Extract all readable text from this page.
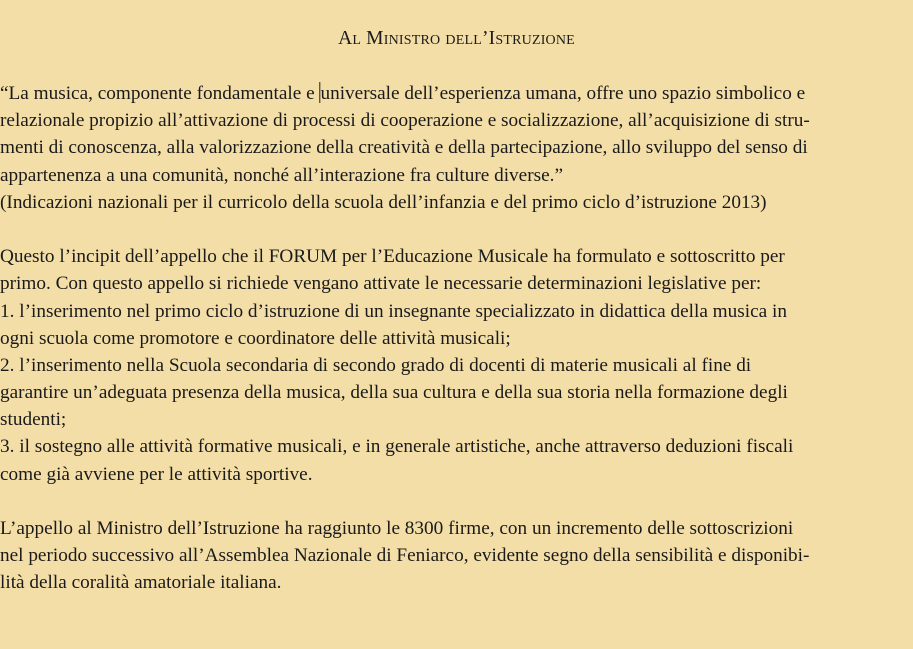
Al Ministro dell’Istruzione
“La musica, componente fondamentale e universale dell’esperienza umana, offre uno spazio simbolico e
relazionale propizio all’attivazione di processi di cooperazione e socializzazione, all’acquisizione di stru-
menti di conoscenza, alla valorizzazione della creatività e della partecipazione, allo sviluppo del senso di
appartenenza a una comunità, nonché all’interazione fra culture diverse.”
(Indicazioni nazionali per il curricolo della scuola dell’infanzia e del primo ciclo d’istruzione 2013)
Questo l’incipit dell’appello che il FORUM per l’Educazione Musicale ha formulato e sottoscritto per
primo. Con questo appello si richiede vengano attivate le necessarie determinazioni legislative per:
1. l’inserimento nel primo ciclo d’istruzione di un insegnante specializzato in didattica della musica in
ogni scuola come promotore e coordinatore delle attività musicali;
2. l’inserimento nella Scuola secondaria di secondo grado di docenti di materie musicali al fine di
garantire un’adeguata presenza della musica, della sua cultura e della sua storia nella formazione degli
studenti;
3. il sostegno alle attività formative musicali, e in generale artistiche, anche attraverso deduzioni fiscali
come già avviene per le attività sportive.
L’appello al Ministro dell’Istruzione ha raggiunto le 8300 firme, con un incremento delle sottoscrizioni
nel periodo successivo all’Assemblea Nazionale di Feniarco, evidente segno della sensibilità e disponibi-
lità della coralità amatoriale italiana.
